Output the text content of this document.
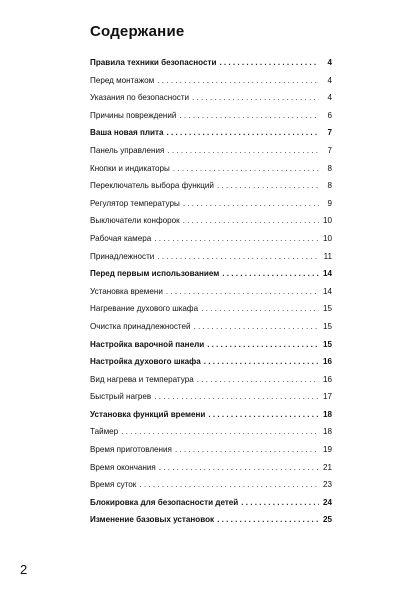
Содержание
Правила техники безопасности . . .	4
Перед монтажом . . .	4
Указания по безопасности . . .	4
Причины повреждений . . .	6
Ваша новая плита . . .	7
Панель управления . . .	7
Кнопки и индикаторы . . .	8
Переключатель выбора функций . . .	8
Регулятор температуры . . .	9
Выключатели конфорок . . .	10
Рабочая камера . . .	10
Принадлежности . . .	11
Перед первым использованием . . .	14
Установка времени . . .	14
Нагревание духового шкафа . . .	15
Очистка принадлежностей . . .	15
Настройка варочной панели . . .	15
Настройка духового шкафа . . .	16
Вид нагрева и температура . . .	16
Быстрый нагрев . . .	17
Установка функций времени . . .	18
Таймер . . .	18
Время приготовления . . .	19
Время окончания . . .	21
Время суток . . .	23
Блокировка для безопасности детей . . .	24
Изменение базовых установок . . .	25
2
